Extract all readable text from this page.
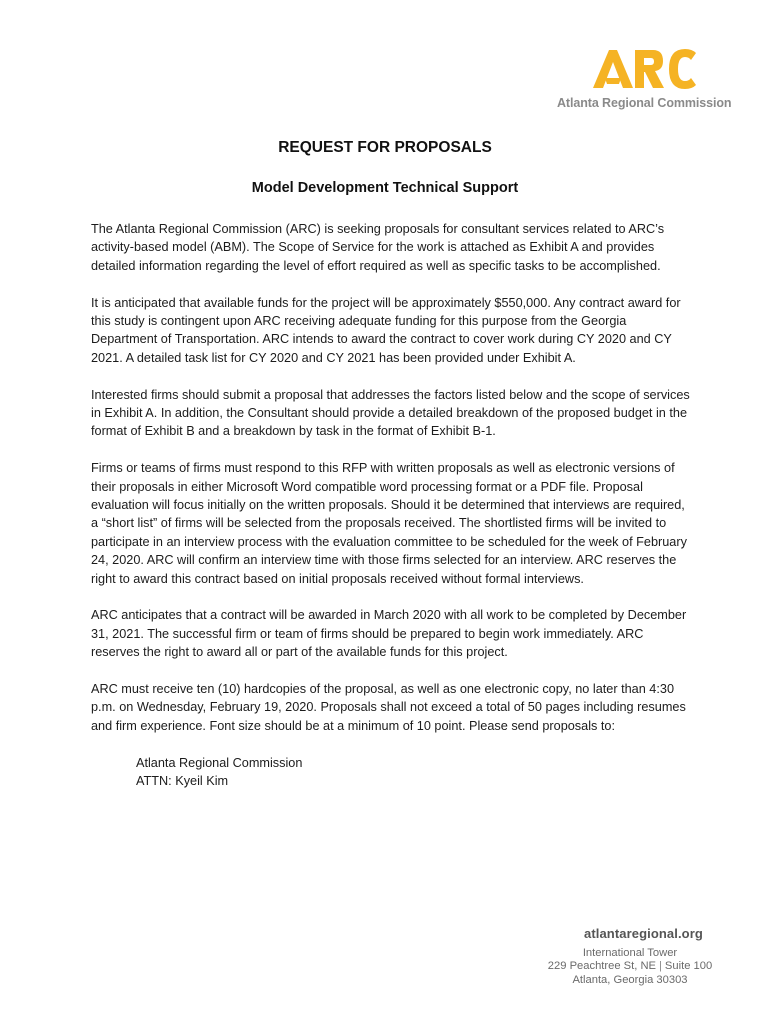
Atlanta Regional Commission
REQUEST FOR PROPOSALS
Model Development Technical Support

The Atlanta Regional Commission (ARC) is seeking proposals for consultant services related to ARC’s activity-based model (ABM). The Scope of Service for the work is attached as Exhibit A and provides detailed information regarding the level of effort required as well as specific tasks to be accomplished.

It is anticipated that available funds for the project will be approximately $550,000. Any contract award for this study is contingent upon ARC receiving adequate funding for this purpose from the Georgia Department of Transportation. ARC intends to award the contract to cover work during CY 2020 and CY 2021. A detailed task list for CY 2020 and CY 2021 has been provided under Exhibit A.

Interested firms should submit a proposal that addresses the factors listed below and the scope of services in Exhibit A. In addition, the Consultant should provide a detailed breakdown of the proposed budget in the format of Exhibit B and a breakdown by task in the format of Exhibit B-1.

Firms or teams of firms must respond to this RFP with written proposals as well as electronic versions of their proposals in either Microsoft Word compatible word processing format or a PDF file. Proposal evaluation will focus initially on the written proposals. Should it be determined that interviews are required, a “short list” of firms will be selected from the proposals received. The shortlisted firms will be invited to participate in an interview process with the evaluation committee to be scheduled for the week of February 24, 2020. ARC will confirm an interview time with those firms selected for an interview. ARC reserves the right to award this contract based on initial proposals received without formal interviews.

ARC anticipates that a contract will be awarded in March 2020 with all work to be completed by December 31, 2021. The successful firm or team of firms should be prepared to begin work immediately. ARC reserves the right to award all or part of the available funds for this project.

ARC must receive ten (10) hardcopies of the proposal, as well as one electronic copy, no later than 4:30 p.m. on Wednesday, February 19, 2020. Proposals shall not exceed a total of 50 pages including resumes and firm experience. Font size should be at a minimum of 10 point. Please send proposals to:

Atlanta Regional Commission
ATTN: Kyeil Kim
atlantaregional.org
International Tower
229 Peachtree St, NE | Suite 100
Atlanta, Georgia 30303
